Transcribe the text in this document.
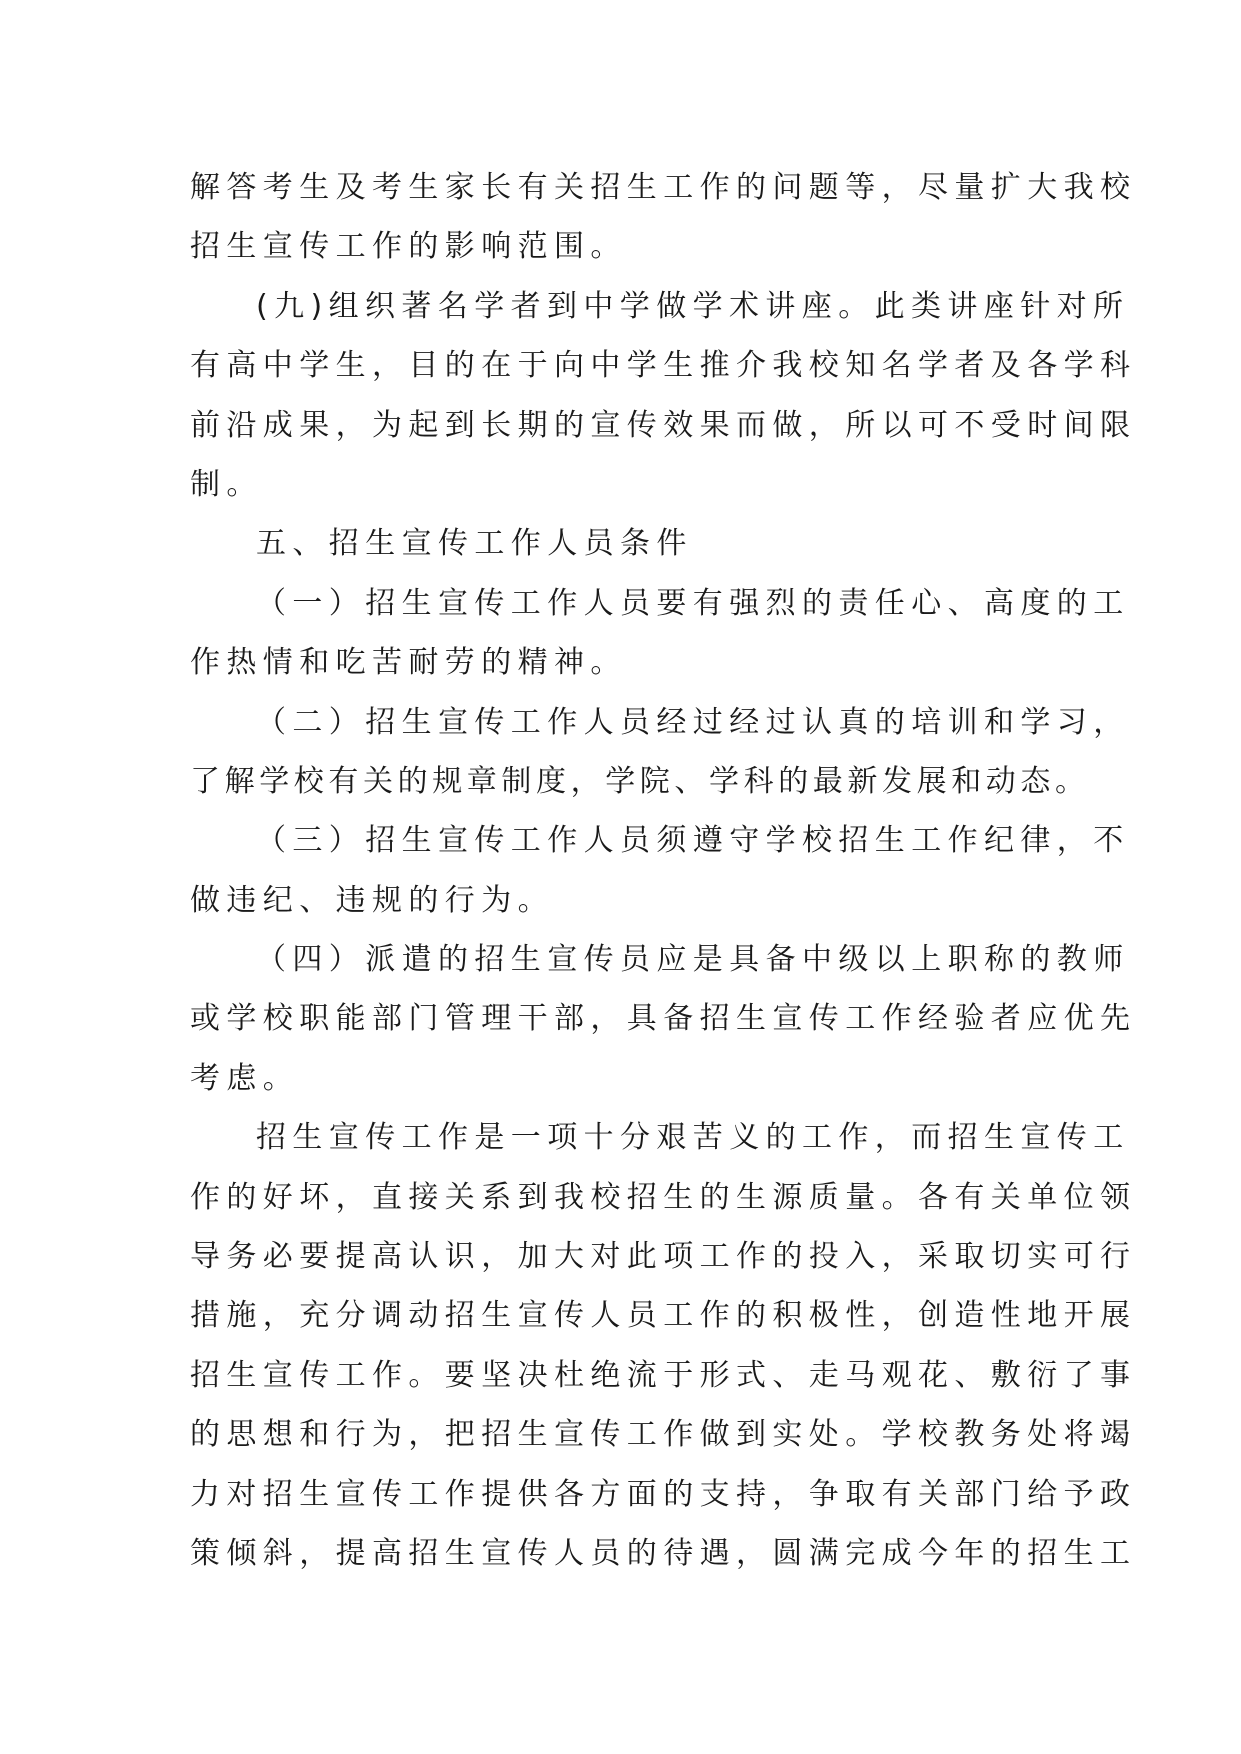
解答考生及考生家长有关招生工作的问题等，尽量扩大我校
招生宣传工作的影响范围。
(九)组织著名学者到中学做学术讲座。此类讲座针对所
有高中学生，目的在于向中学生推介我校知名学者及各学科
前沿成果，为起到长期的宣传效果而做，所以可不受时间限
制。
五、招生宣传工作人员条件
（一）招生宣传工作人员要有强烈的责任心、高度的工
作热情和吃苦耐劳的精神。
（二）招生宣传工作人员经过经过认真的培训和学习，
了解学校有关的规章制度，学院、学科的最新发展和动态。
（三）招生宣传工作人员须遵守学校招生工作纪律，不
做违纪、违规的行为。
（四）派遣的招生宣传员应是具备中级以上职称的教师
或学校职能部门管理干部，具备招生宣传工作经验者应优先
考虑。
招生宣传工作是一项十分艰苦义的工作，而招生宣传工
作的好坏，直接关系到我校招生的生源质量。各有关单位领
导务必要提高认识，加大对此项工作的投入，采取切实可行
措施，充分调动招生宣传人员工作的积极性，创造性地开展
招生宣传工作。要坚决杜绝流于形式、走马观花、敷衍了事
的思想和行为，把招生宣传工作做到实处。学校教务处将竭
力对招生宣传工作提供各方面的支持，争取有关部门给予政
策倾斜，提高招生宣传人员的待遇，圆满完成今年的招生工
